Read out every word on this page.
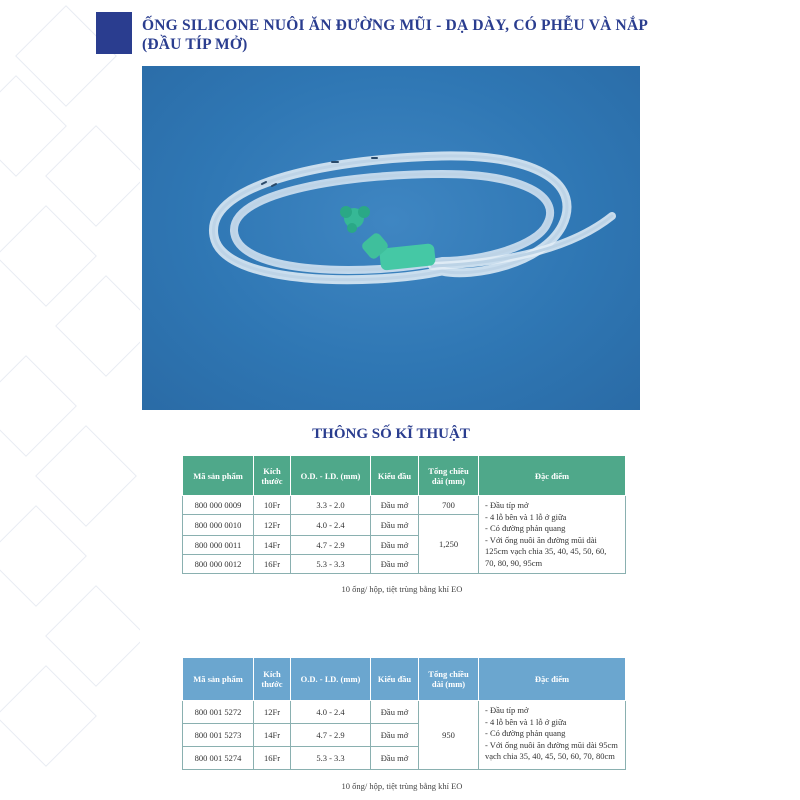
ỐNG SILICONE NUÔI ĂN ĐƯỜNG MŨI - DẠ DÀY, CÓ PHỄU VÀ NẮP
(ĐẦU TÍP MỞ)
THÔNG SỐ KĨ THUẬT
Mã sản phẩm	Kích thước	O.D. - I.D. (mm)	Kiểu đầu	Tổng chiều dài (mm)	Đặc điểm
800 000 0009	10Fr	3.3 - 2.0	Đầu mở	700	- Đầu típ mở
- 4 lỗ bên và 1 lỗ ở giữa
- Có đường phản quang
- Với ống nuôi ăn đường mũi dài 125cm vạch chia 35, 40, 45, 50, 60, 70, 80, 90, 95cm

800 000 0010	12Fr	4.0 - 2.4	Đầu mở	1,250	
800 000 0011	14Fr	4.7 - 2.9	Đầu mở		
800 000 0012	16Fr	5.3 - 3.3	Đầu mở		
10 ống/ hộp, tiệt trùng bằng khí EO
Mã sản phẩm	Kích thước	O.D. - I.D. (mm)	Kiểu đầu	Tổng chiều dài (mm)	Đặc điểm
800 001 5272	12Fr	4.0 - 2.4	Đầu mở	950	- Đầu típ mở
- 4 lỗ bên và 1 lỗ ở giữa
- Có đường phản quang
- Với ống nuôi ăn đường mũi dài 95cm vạch chia 35, 40, 45, 50, 60, 70, 80cm

800 001 5273	14Fr	4.7 - 2.9	Đầu mở		
800 001 5274	16Fr	5.3 - 3.3	Đầu mở		
10 ống/ hộp, tiệt trùng bằng khí EO
